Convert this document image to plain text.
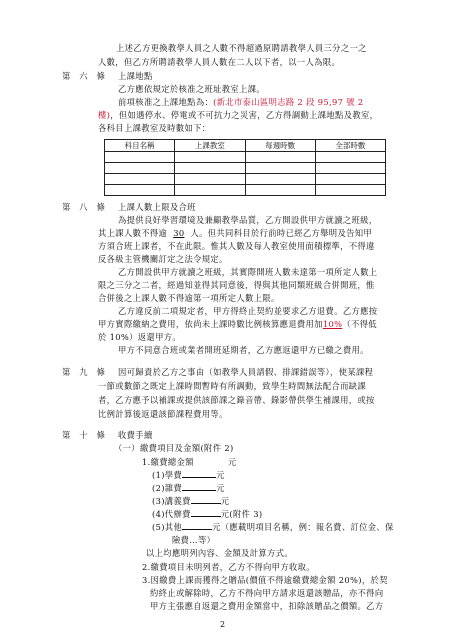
上述乙方更換教學人員之人數不得超過原聘請教學人員三分之一之
人數，但乙方所聘請教學人員人數在二人以下者，以一人為限。
第　六　條 上課地點
乙方應依規定於核准之班址教室上課。
前項核准之上課地點為：(新北市泰山區明志路 2 段 95,97 號 2
樓)，但如遇停水、停電或不可抗力之災害，乙方得調動上課地點及教室，
各科目上課教室及時數如下：
科目名稱	上課教室	每週時數	全部時數

第　八　條 上課人數上限及合班
為提供良好學習環境及兼顧教學品質，乙方開設供甲方就讀之班級，
其上課人數不得逾 30 人。但共同科目於行前時已經乙方舉明及告知甲
方須合班上課者，不在此限。惟其人數及每人教室使用面積標準，不得違
反各級主管機關訂定之法令規定。
乙方開設供甲方就讀之班級，其實際開班人數未達第一項所定人數上
限之三分之二者，經過知並得其同意後，得與其他同類班級合併開班，惟
合併後之上課人數不得逾第一項所定人數上限。
乙方違反前二項規定者，甲方得終止契約並要求乙方退費。乙方應按
甲方實際繳納之費用，依尚未上課時數比例核算應退費用加10%（不得低
於 10%）返還甲方。
甲方不同意合班或業者開班延期者，乙方應返還甲方已繳之費用。
第　九　條 因可歸責於乙方之事由（如教學人員請假、排課錯誤等），使某課程
一節或數節之既定上課時間暫時有所調動，致學生時間無法配合而缺課
者，乙方應予以補課或提供該節課之錄音帶、錄影帶供學生補課用，或按
比例計算後返還該節課程費用等。
第　十　條 收費手續
（一）繳費項目及金額(附件 2)
1.繳費總金額	元
(1)學費	元
(2)雜費	元
(3)講義費	元
(4)代辦費	元(附件 3)
(5)其他	元（應載明項目名稱，例：報名費、訂位金、保
險費…等）
以上均應明列內容、金額及計算方式。
2.繳費項目未明列者，乙方不得向甲方收取。
3.因繳費上課而獲得之贈品(價值不得逾繳費總金額 20%)，於契
約終止或解除時，乙方不得向甲方請求返還該贈品，亦不得向
甲方主張應自返還之費用金額當中，扣除該贈品之價額。乙方
2
